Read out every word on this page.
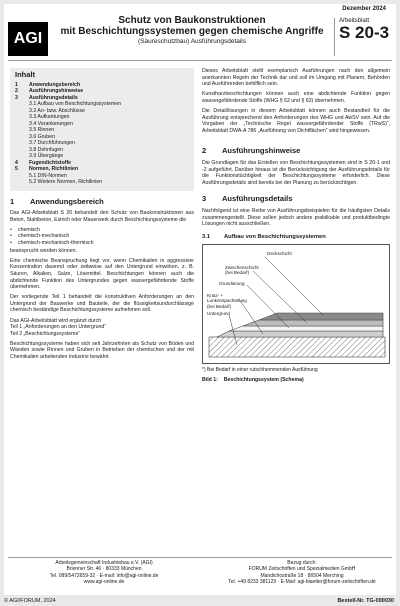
Dezember 2024
AGI
Schutz von Baukonstruktionen
mit Beschichtungssystemen gegen chemische Angriffe
(Säureschutzbau) Ausführungsdetails
Arbeitsblatt
S 20-3
Inhalt
1	Anwendungsbereich
2	Ausführungshinweise
3	Ausführungsdetails
3.1 Aufbau von Beschichtungssystemen
3.2 An- bzw. Abschlüsse
3.3 Aufkantungen
3.4 Verankerungen
3.5 Rinnen
3.6 Gruben
3.7 Durchführungen
3.8 Dehnfugen
3.9 Übergänge
4	Fugendichtstoffe
5	Normen, Richtlinien
5.1 DIN-Normen
5.2 Weitere Normen, Richtlinien
1	Anwendungsbereich

Das AGI-Arbeitsblatt S 20 behandelt den Schutz von Baukonstruktionen aus Beton, Stahlbeton, Estrich oder Mauerwerk durch Beschichtungssysteme die

• chemisch
• chemisch-mechanisch
• chemisch-mechanisch-thermisch

beansprucht werden können.

Eine chemische Beanspruchung liegt vor, wenn Chemikalien in aggressiver Konzentration dauernd oder zeitweise auf den Untergrund einwirken, z. B. Säuren, Alkalien, Salze, Lösemittel. Beschichtungen können auch die abdichtende Funktion des Untergrundes gegen wassergefährdende Stoffe übernehmen.

Der vorliegende Teil 1 behandelt die konstruktiven Anforderungen an den Untergrund der Bauwerke und Bauteile, der die flüssigkeitsundurchlässige chemisch beständige Beschichtungssysteme aufnehmen soll.

Das AGI-Arbeitsblatt wird ergänzt durch

Teil 1 „Anforderungen an den Untergrund“
Teil 2 „Beschichtungssysteme“

Beschichtungssysteme haben sich seit Jahrzehnten als Schutz von Böden und Wänden sowie Rinnen und Gruben in Betrieben der chemischen und der mit Chemikalien arbeitenden Industrie bewährt.

Dieses Arbeitsblatt stellt exemplarisch Ausführungen nach den allgemein anerkannten Regeln der Technik dar und soll im Umgang mit Planern, Behörden und Ausführenden behilflich sein.

Kunstharzbeschichtungen können auch eine abdichtende Funktion gegen wassergefährdende Stoffe (WHG § 62 und § 63) übernehmen.

Die Detaillösungen in diesem Arbeitsblatt können auch Bestandteil für die Ausführung entsprechend den Anforderungen des WHG und AwSV sein. Auf die Vorgaben der „Technische Regel wassergefährdender Stoffe (TRwS)“, Arbeitsblatt DWA-A 786 „Ausführung von Dichtflächen“ wird hingewiesen.

2	Ausführungshinweise

Die Grundlagen für das Erstellen von Beschichtungssystemen sind in S 20-1 und -2 aufgeführt. Darüber hinaus ist die Berücksichtigung der Ausführungsdetails für die Funktionstüchtigkeit der Beschichtungssysteme erforderlich. Diese Ausführungsdetails sind bereits bei der Planung zu berücksichtigen.

3	Ausführungsdetails

Nachfolgend ist eine Reihe von Ausführungsbeispielen für die häufigsten Details zusammengestellt. Diese sollen jedoch andere praktikable und produktbedingte Lösungen nicht ausschließen.

3.1	Aufbau von Beschichtungssystemen
Deckschicht
Zwischenschicht (bei Bedarf)
Grundierung
Kratz- + Lunkenspachtelung (bei Bedarf)
Untergrund
*) Bei Bedarf in einer rutschhemmenden Ausführung
Bild 1: Beschichtungssystem (Schema)
Arbeitsgemeinschaft Industriebau e.V. (AGI)
Brienner Str. 46 · 80333 München
Tel. 089/5472659-32 · E-mail: info@agi-online.de
www.agi-online.de
Bezug durch:
FORUM Zeitschriften und Spezialmedien GmbH
Mandichostraße 18 · 86504 Merching
Tel. +49 8233 381129 · E-Mail: agi-blaetter@forum-zeitschriften.de
© AGI/FORUM, 2024	Bestell-Nr. TG-000030
